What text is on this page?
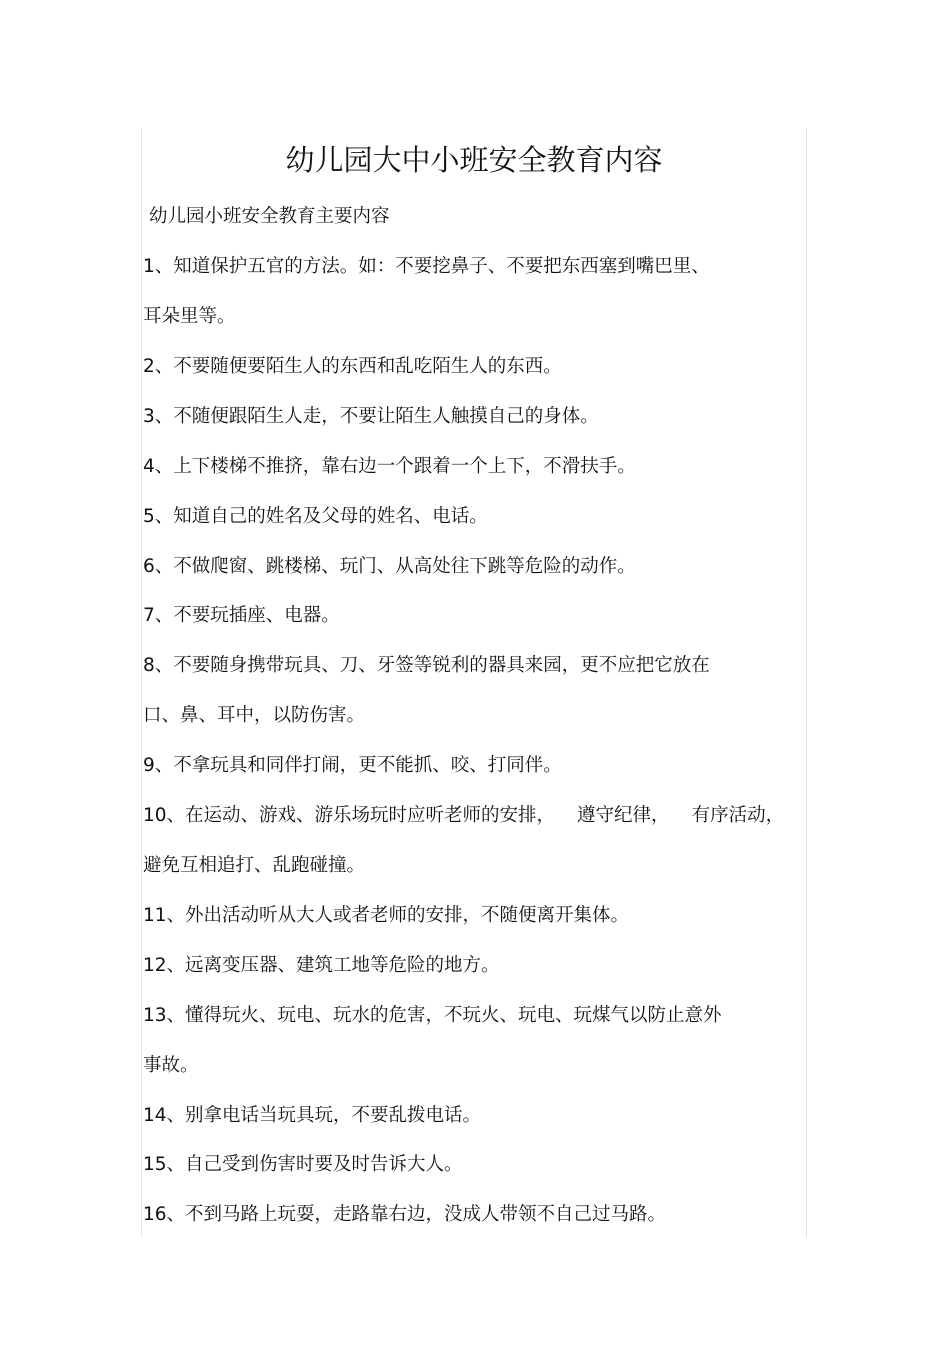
幼儿园大中小班安全教育内容
幼儿园小班安全教育主要内容
1、知道保护五官的方法。如：不要挖鼻子、不要把东西塞到嘴巴里、
耳朵里等。
2、不要随便要陌生人的东西和乱吃陌生人的东西。
3、不随便跟陌生人走，不要让陌生人触摸自己的身体。
4、上下楼梯不推挤，靠右边一个跟着一个上下，不滑扶手。
5、知道自己的姓名及父母的姓名、电话。
6、不做爬窗、跳楼梯、玩门、从高处往下跳等危险的动作。
7、不要玩插座、电器。
8、不要随身携带玩具、刀、牙签等锐利的器具来园，更不应把它放在
口、鼻、耳中，以防伤害。
9、不拿玩具和同伴打闹，更不能抓、咬、打同伴。
10、在运动、游戏、游乐场玩时应听老师的安排， 遵守纪律， 有序活动，
避免互相追打、乱跑碰撞。
11、外出活动听从大人或者老师的安排，不随便离开集体。
12、远离变压器、建筑工地等危险的地方。
13、懂得玩火、玩电、玩水的危害，不玩火、玩电、玩煤气以防止意外
事故。
14、别拿电话当玩具玩，不要乱拨电话。
15、自己受到伤害时要及时告诉大人。
16、不到马路上玩耍，走路靠右边，没成人带领不自己过马路。
